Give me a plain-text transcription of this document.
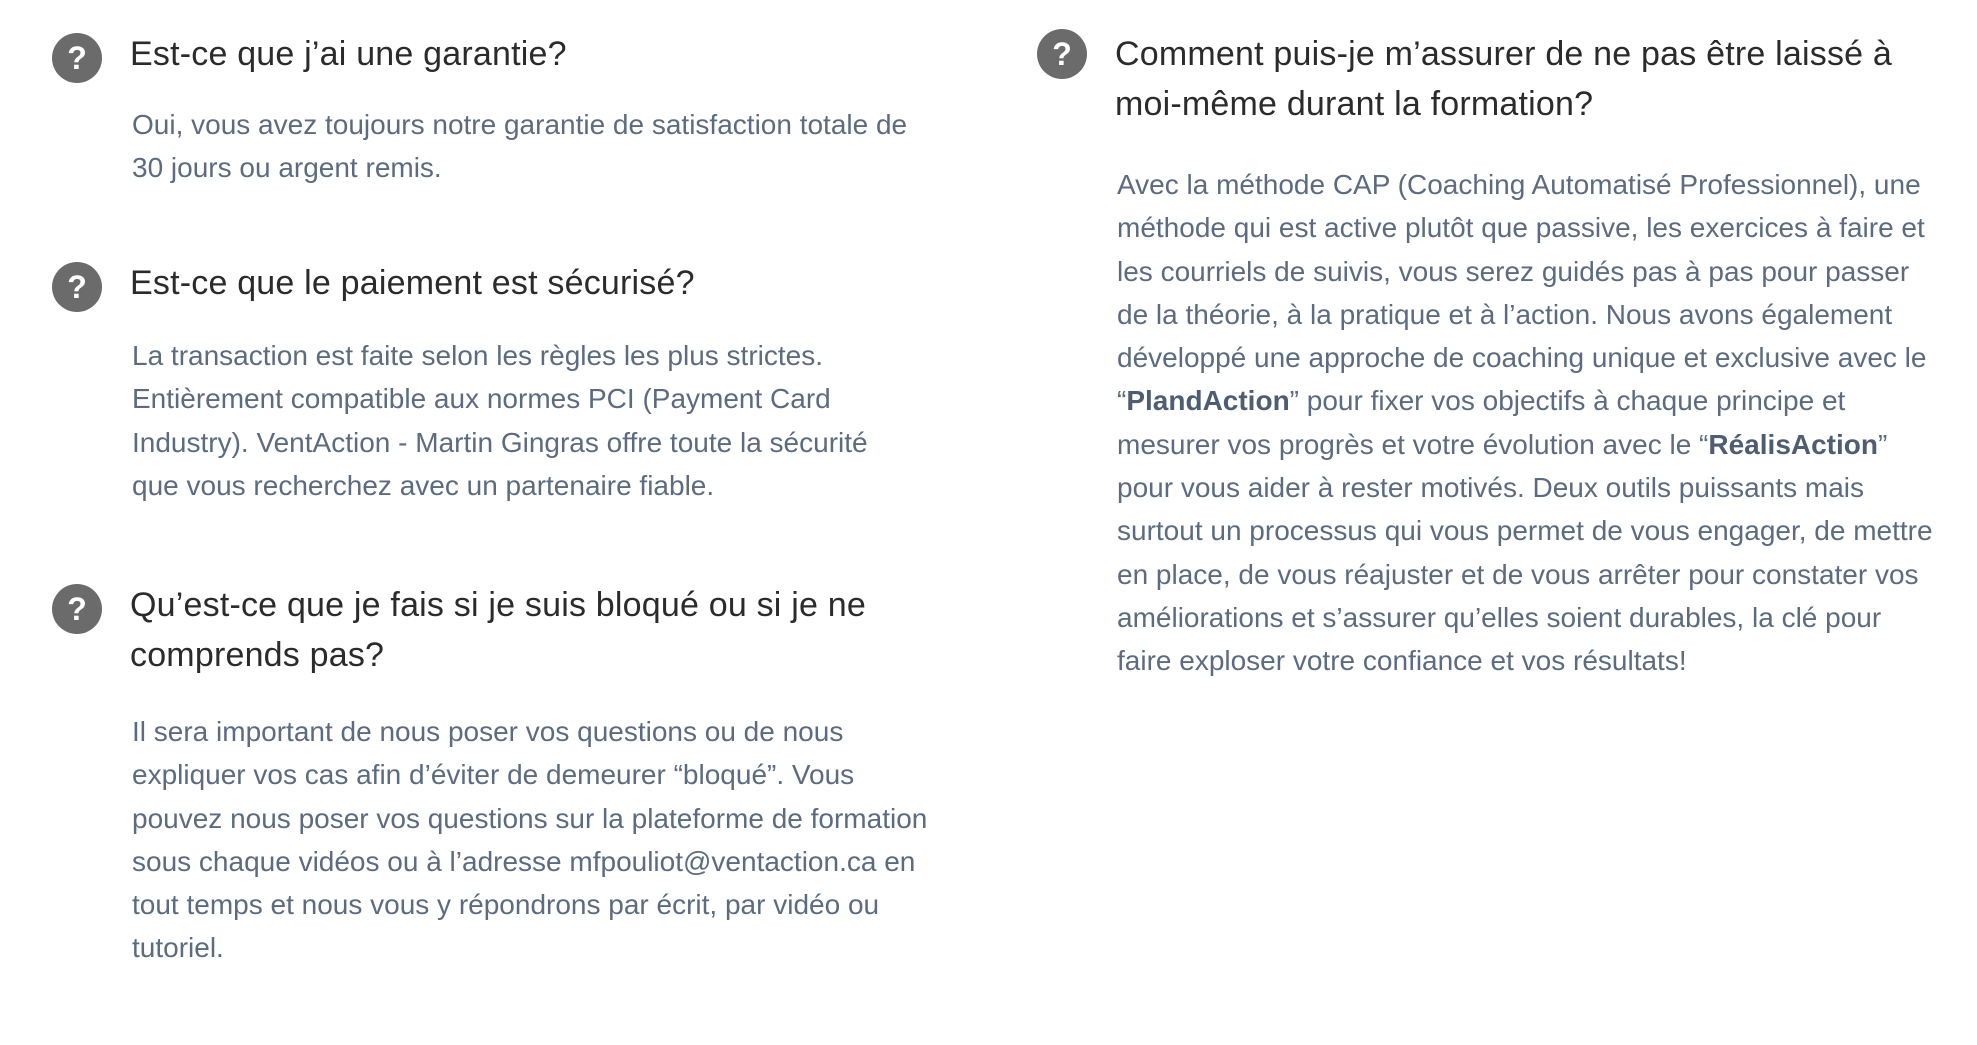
? Est-ce que j’ai une garantie?

Oui, vous avez toujours notre garantie de satisfaction totale de 30 jours ou argent remis.

? Est-ce que le paiement est sécurisé?

La transaction est faite selon les règles les plus strictes. Entièrement compatible aux normes PCI (Payment Card Industry). VentAction - Martin Gingras offre toute la sécurité que vous recherchez avec un partenaire fiable.

? Qu’est-ce que je fais si je suis bloqué ou si je ne comprends pas?

Il sera important de nous poser vos questions ou de nous expliquer vos cas afin d’éviter de demeurer “bloqué”. Vous pouvez nous poser vos questions sur la plateforme de formation sous chaque vidéos ou à l’adresse mfpouliot@ventaction.ca en tout temps et nous vous y répondrons par écrit, par vidéo ou tutoriel.

? Comment puis-je m’assurer de ne pas être laissé à moi-même durant la formation?

Avec la méthode CAP (Coaching Automatisé Professionnel), une méthode qui est active plutôt que passive, les exercices à faire et les courriels de suivis, vous serez guidés pas à pas pour passer de la théorie, à la pratique et à l’action. Nous avons également développé une approche de coaching unique et exclusive avec le “PlandAction” pour fixer vos objectifs à chaque principe et mesurer vos progrès et votre évolution avec le “RéalisAction” pour vous aider à rester motivés. Deux outils puissants mais surtout un processus qui vous permet de vous engager, de mettre en place, de vous réajuster et de vous arrêter pour constater vos améliorations et s’assurer qu’elles soient durables, la clé pour faire exploser votre confiance et vos résultats!
